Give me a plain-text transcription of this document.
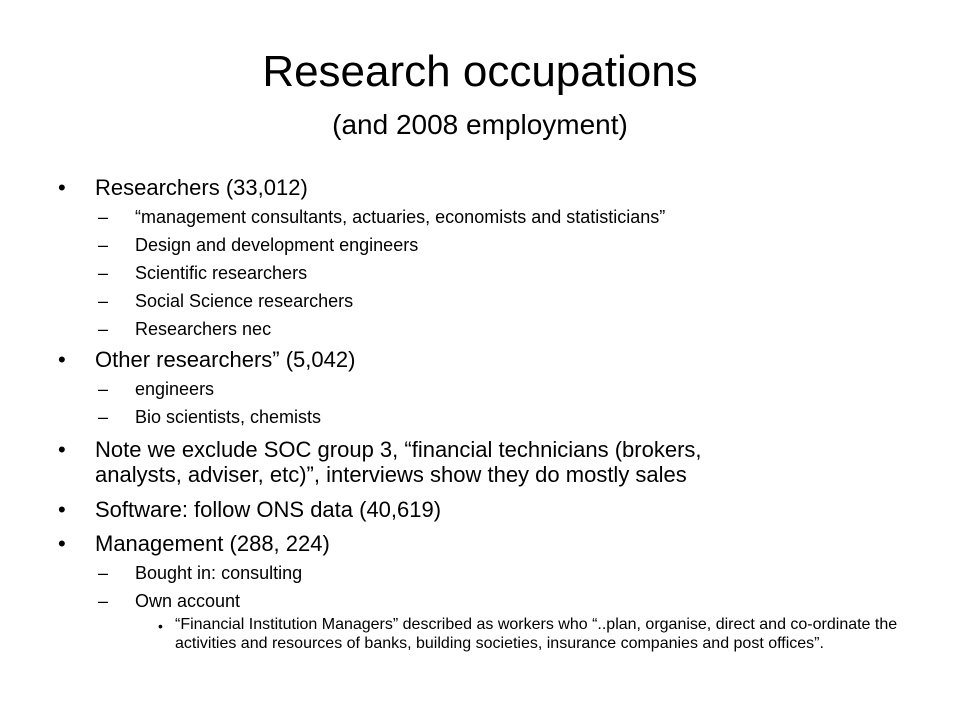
Research occupations
(and 2008 employment)
• Researchers (33,012)
– “management consultants, actuaries, economists and statisticians”
– Design and development engineers
– Scientific researchers
– Social Science researchers
– Researchers nec
• Other researchers” (5,042)
– engineers
– Bio scientists, chemists
• Note we exclude SOC group 3, “financial technicians (brokers,
analysts, adviser, etc)”, interviews show they do mostly sales
• Software: follow ONS data (40,619)
• Management (288, 224)
– Bought in: consulting
– Own account
• “Financial Institution Managers” described as workers who “..plan, organise, direct and co-ordinate the activities and resources of banks, building societies, insurance companies and post offices”.
